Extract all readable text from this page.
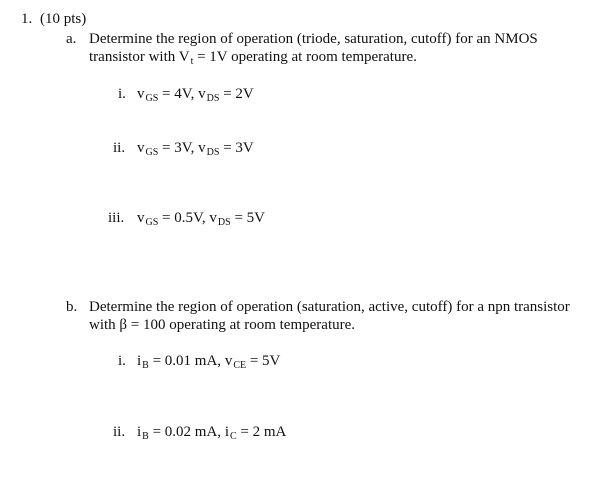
1. (10 pts)
a. Determine the region of operation (triode, saturation, cutoff) for an NMOS
transistor with $V_t = 1V$ operating at room temperature.
i. $v_{GS} = 4V$, $v_{DS} = 2V$
ii. $v_{GS} = 3V$, $v_{DS} = 3V$
iii. $v_{GS} = 0.5V$, $v_{DS} = 5V$
b. Determine the region of operation (saturation, active, cutoff) for a npn transistor
with β = 100 operating at room temperature.
i. $i_B = 0.01$ mA, $v_{CE} = 5V$
ii. $i_B = 0.02$ mA, $i_C = 2$ mA
